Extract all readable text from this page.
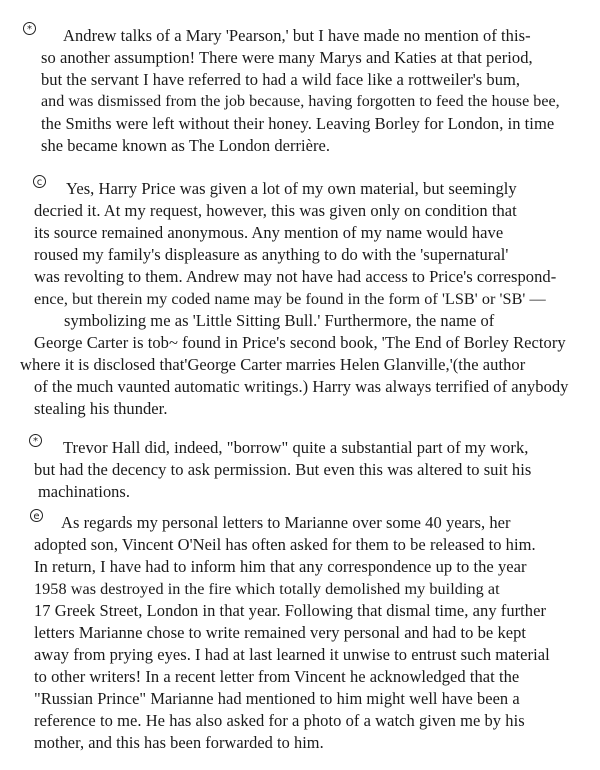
* Andrew talks of a Mary 'Pearson,' but I have made no mention of this-
so another assumption! There were many Marys and Katies at that period,
but the servant I have referred to had a wild face like a rottweiler's bum,
and was dismissed from the job because, having forgotten to feed the house bee,
the Smiths were left without their honey. Leaving Borley for London, in time
she became known as The London derrière.
c Yes, Harry Price was given a lot of my own material, but seemingly
decried it. At my request, however, this was given only on condition that
its source remained anonymous. Any mention of my name would have
roused my family's displeasure as anything to do with the 'supernatural'
was revolting to them. Andrew may not have had access to Price's correspond-
ence, but therein my coded name may be found in the form of 'LSB' or 'SB' —
symbolizing me as 'Little Sitting Bull.' Furthermore, the name of
George Carter is tob~ found in Price's second book, 'The End of Borley Rectory
where it is disclosed that'George Carter marries Helen Glanville,'(the author
of the much vaunted automatic writings.) Harry was always terrified of anybody
stealing his thunder.
* Trevor Hall did, indeed, "borrow" quite a substantial part of my work,
but had the decency to ask permission. But even this was altered to suit his
machinations.
e As regards my personal letters to Marianne over some 40 years, her
adopted son, Vincent O'Neil has often asked for them to be released to him.
In return, I have had to inform him that any correspondence up to the year
1958 was destroyed in the fire which totally demolished my building at
17 Greek Street, London in that year. Following that dismal time, any further
letters Marianne chose to write remained very personal and had to be kept
away from prying eyes. I had at last learned it unwise to entrust such material
to other writers! In a recent letter from Vincent he acknowledged that the
"Russian Prince" Marianne had mentioned to him might well have been a
reference to me. He has also asked for a photo of a watch given me by his
mother, and this has been forwarded to him.
